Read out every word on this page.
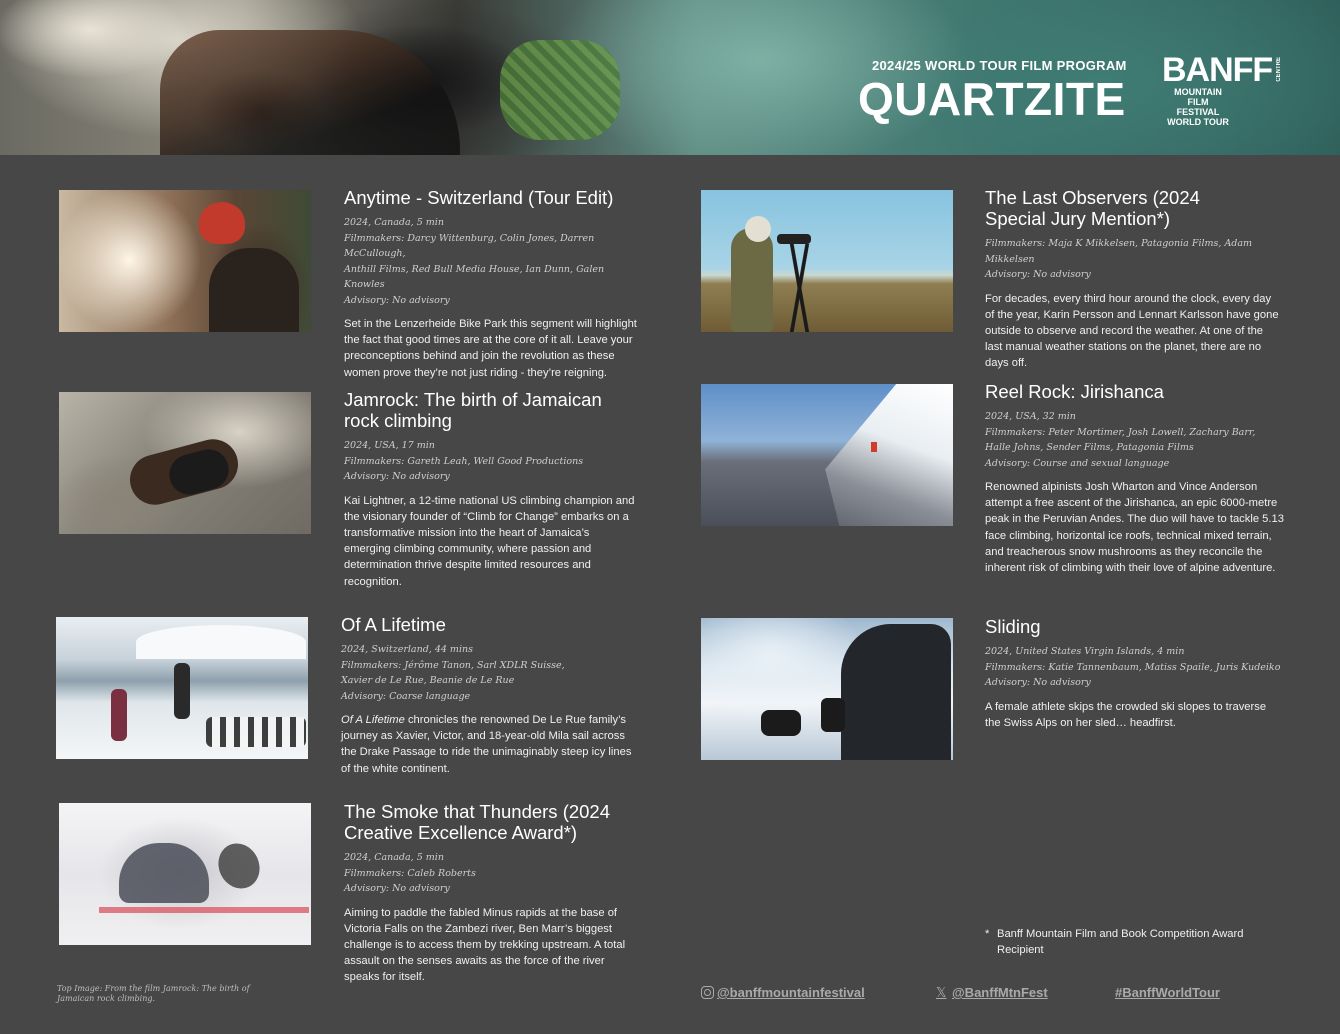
2024/25 WORLD TOUR FILM PROGRAM
QUARTZITE
BANFF CENTRE
MOUNTAIN
FILM FESTIVAL
WORLD TOUR
Anytime - Switzerland (Tour Edit)
2024, Canada, 5 min
Filmmakers: Darcy Wittenburg, Colin Jones, Darren McCullough,
Anthill Films, Red Bull Media House, Ian Dunn, Galen Knowles
Advisory: No advisory
Set in the Lenzerheide Bike Park this segment will highlight the fact that good times are at the core of it all. Leave your preconceptions behind and join the revolution as these women prove they’re not just riding - they’re reigning.
Jamrock: The birth of Jamaican rock climbing
2024, USA, 17 min
Filmmakers: Gareth Leah, Well Good Productions
Advisory: No advisory
Kai Lightner, a 12-time national US climbing champion and the visionary founder of “Climb for Change” embarks on a transformative mission into the heart of Jamaica’s emerging climbing community, where passion and determination thrive despite limited resources and recognition.
Of A Lifetime
2024, Switzerland, 44 mins
Filmmakers: Jérôme Tanon, Sarl XDLR Suisse,
Xavier de Le Rue, Beanie de Le Rue
Advisory: Coarse language
Of A Lifetime chronicles the renowned De Le Rue family’s journey as Xavier, Victor, and 18-year-old Mila sail across the Drake Passage to ride the unimaginably steep icy lines of the white continent.
The Smoke that Thunders (2024 Creative Excellence Award*)
2024, Canada, 5 min
Filmmakers: Caleb Roberts
Advisory: No advisory
Aiming to paddle the fabled Minus rapids at the base of Victoria Falls on the Zambezi river, Ben Marr’s biggest challenge is to access them by trekking upstream. A total assault on the senses awaits as the force of the river speaks for itself.
The Last Observers (2024 Special Jury Mention*)
Filmmakers: Maja K Mikkelsen, Patagonia Films, Adam Mikkelsen
Advisory: No advisory
For decades, every third hour around the clock, every day of the year, Karin Persson and Lennart Karlsson have gone outside to observe and record the weather. At one of the last manual weather stations on the planet, there are no days off.
Reel Rock: Jirishanca
2024, USA, 32 min
Filmmakers: Peter Mortimer, Josh Lowell, Zachary Barr,
Halle Johns, Sender Films, Patagonia Films
Advisory: Course and sexual language
Renowned alpinists Josh Wharton and Vince Anderson attempt a free ascent of the Jirishanca, an epic 6000-metre peak in the Peruvian Andes. The duo will have to tackle 5.13 face climbing, horizontal ice roofs, technical mixed terrain, and treacherous snow mushrooms as they reconcile the inherent risk of climbing with their love of alpine adventure.
Sliding
2024, United States Virgin Islands, 4 min
Filmmakers: Katie Tannenbaum, Matiss Spaile, Juris Kudeiko
Advisory: No advisory
A female athlete skips the crowded ski slopes to traverse the Swiss Alps on her sled… headfirst.
Top Image: From the film Jamrock: The birth of Jamaican rock climbing.
* Banff Mountain Film and Book Competition Award Recipient
@banffmountainfestival	𝕏 @BanffMtnFest	#BanffWorldTour
